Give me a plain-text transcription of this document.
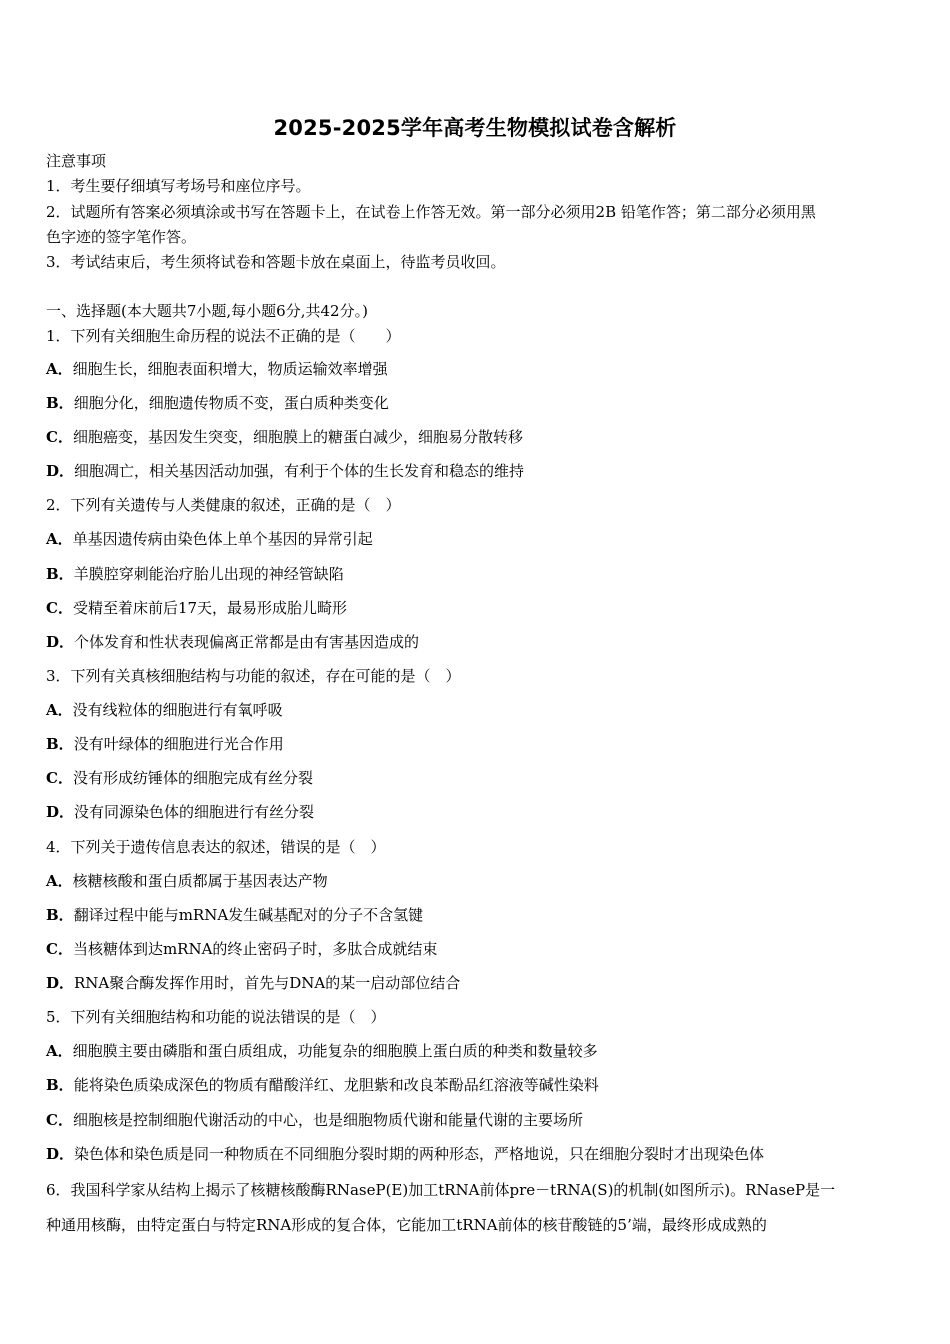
2025-2025学年高考生物模拟试卷含解析
注意事项
1．考生要仔细填写考场号和座位序号。
2．试题所有答案必须填涂或书写在答题卡上，在试卷上作答无效。第一部分必须用2B 铅笔作答；第二部分必须用黑
色字迹的签字笔作答。
3．考试结束后，考生须将试卷和答题卡放在桌面上，待监考员收回。
一、选择题(本大题共7小题,每小题6分,共42分。)
1．下列有关细胞生命历程的说法不正确的是（　　）
A．细胞生长，细胞表面积增大，物质运输效率增强
B．细胞分化，细胞遗传物质不变，蛋白质种类变化
C．细胞癌变，基因发生突变，细胞膜上的糖蛋白减少，细胞易分散转移
D．细胞凋亡，相关基因活动加强，有利于个体的生长发育和稳态的维持
2．下列有关遗传与人类健康的叙述，正确的是（　）
A．单基因遗传病由染色体上单个基因的异常引起
B．羊膜腔穿刺能治疗胎儿出现的神经管缺陷
C．受精至着床前后17天，最易形成胎儿畸形
D．个体发育和性状表现偏离正常都是由有害基因造成的
3．下列有关真核细胞结构与功能的叙述，存在可能的是（　）
A．没有线粒体的细胞进行有氧呼吸
B．没有叶绿体的细胞进行光合作用
C．没有形成纺锤体的细胞完成有丝分裂
D．没有同源染色体的细胞进行有丝分裂
4．下列关于遗传信息表达的叙述，错误的是（　）
A．核糖核酸和蛋白质都属于基因表达产物
B．翻译过程中能与mRNA发生碱基配对的分子不含氢键
C．当核糖体到达mRNA的终止密码子时，多肽合成就结束
D．RNA聚合酶发挥作用时，首先与DNA的某一启动部位结合
5．下列有关细胞结构和功能的说法错误的是（　）
A．细胞膜主要由磷脂和蛋白质组成，功能复杂的细胞膜上蛋白质的种类和数量较多
B．能将染色质染成深色的物质有醋酸洋红、龙胆紫和改良苯酚品红溶液等碱性染料
C．细胞核是控制细胞代谢活动的中心，也是细胞物质代谢和能量代谢的主要场所
D．染色体和染色质是同一种物质在不同细胞分裂时期的两种形态，严格地说，只在细胞分裂时才出现染色体
6．我国科学家从结构上揭示了核糖核酸酶RNaseP(E)加工tRNA前体pre－tRNA(S)的机制(如图所示)。RNaseP是一
种通用核酶，由特定蛋白与特定RNA形成的复合体，它能加工tRNA前体的核苷酸链的5’端，最终形成成熟的
